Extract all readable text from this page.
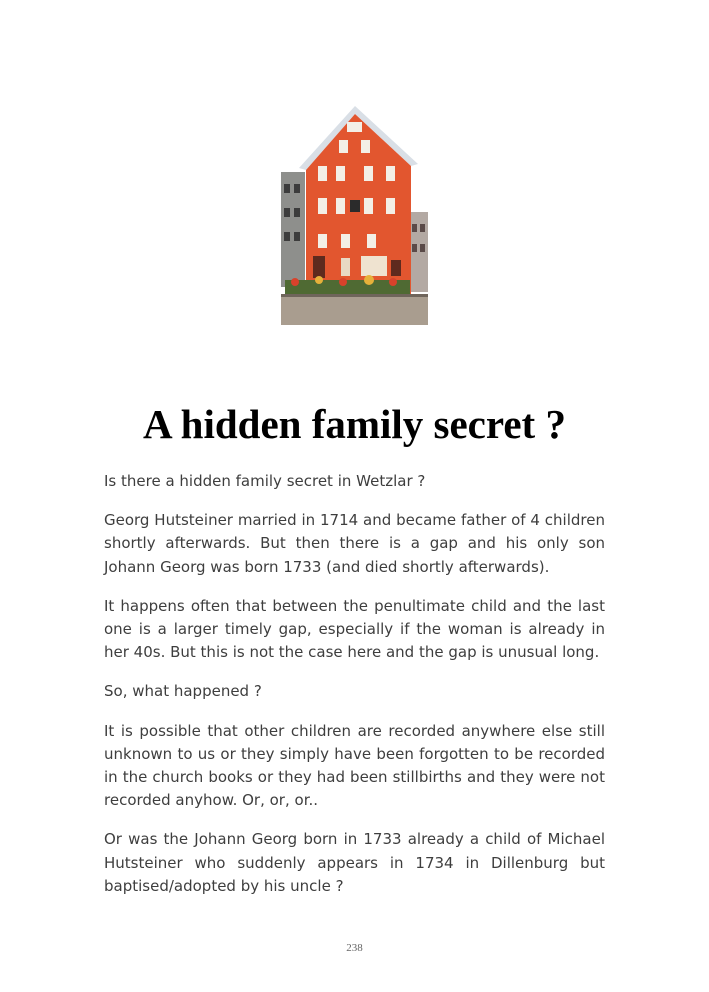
A hidden family secret ?

Is there a hidden family secret in Wetzlar ?

Georg Hutsteiner married in 1714 and became father of 4 children shortly afterwards. But then there is a gap and his only son Johann Georg was born 1733 (and died shortly afterwards).

It happens often that between the penultimate child and the last one is a larger timely gap, especially if the woman is already in her 40s. But this is not the case here and the gap is unusual long.

So, what happened ?

It is possible that other children are recorded anywhere else still unknown to us or they simply have been forgotten to be recorded in the church books or they had been stillbirths and they were not recorded anyhow. Or, or, or..

Or was the Johann Georg born in 1733 already a child of Michael Hutsteiner who suddenly appears in 1734 in Dillenburg but baptised/adopted by his uncle ?

238
